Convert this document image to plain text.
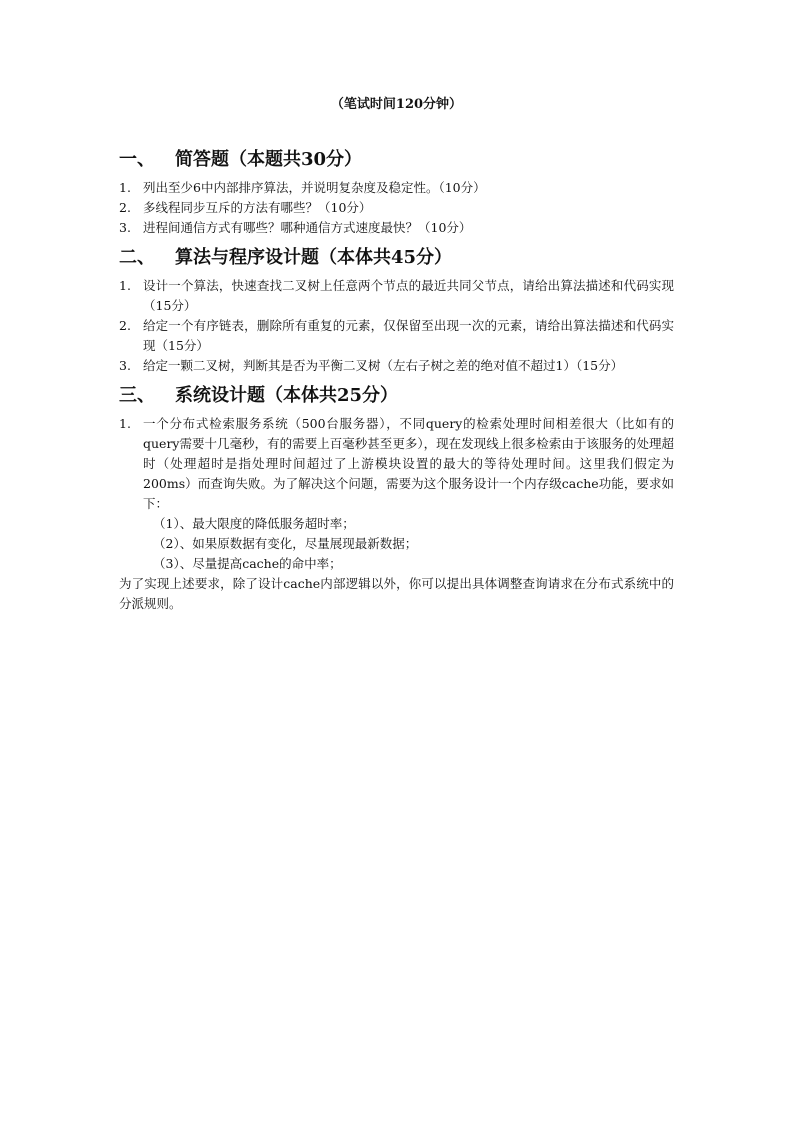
（笔试时间120分钟）
一、	简答题（本题共30分）
1. 列出至少6中内部排序算法，并说明复杂度及稳定性。（10分）
2. 多线程同步互斥的方法有哪些？（10分）
3. 进程间通信方式有哪些？哪种通信方式速度最快？（10分）
二、	算法与程序设计题（本体共45分）
1. 设计一个算法，快速查找二叉树上任意两个节点的最近共同父节点，请给出算法描述和代码实现（15分）
2. 给定一个有序链表，删除所有重复的元素，仅保留至出现一次的元素，请给出算法描述和代码实现（15分）
3. 给定一颗二叉树，判断其是否为平衡二叉树（左右子树之差的绝对值不超过1）（15分）
三、	系统设计题（本体共25分）
1. 一个分布式检索服务系统（500台服务器），不同query的检索处理时间相差很大（比如有的query需要十几毫秒，有的需要上百毫秒甚至更多），现在发现线上很多检索由于该服务的处理超时（处理超时是指处理时间超过了上游模块设置的最大的等待处理时间。这里我们假定为200ms）而查询失败。为了解决这个问题，需要为这个服务设计一个内存级cache功能，要求如下：
（1）、最大限度的降低服务超时率；
（2）、如果原数据有变化，尽量展现最新数据；
（3）、尽量提高cache的命中率；
为了实现上述要求，除了设计cache内部逻辑以外，你可以提出具体调整查询请求在分布式系统中的分派规则。
